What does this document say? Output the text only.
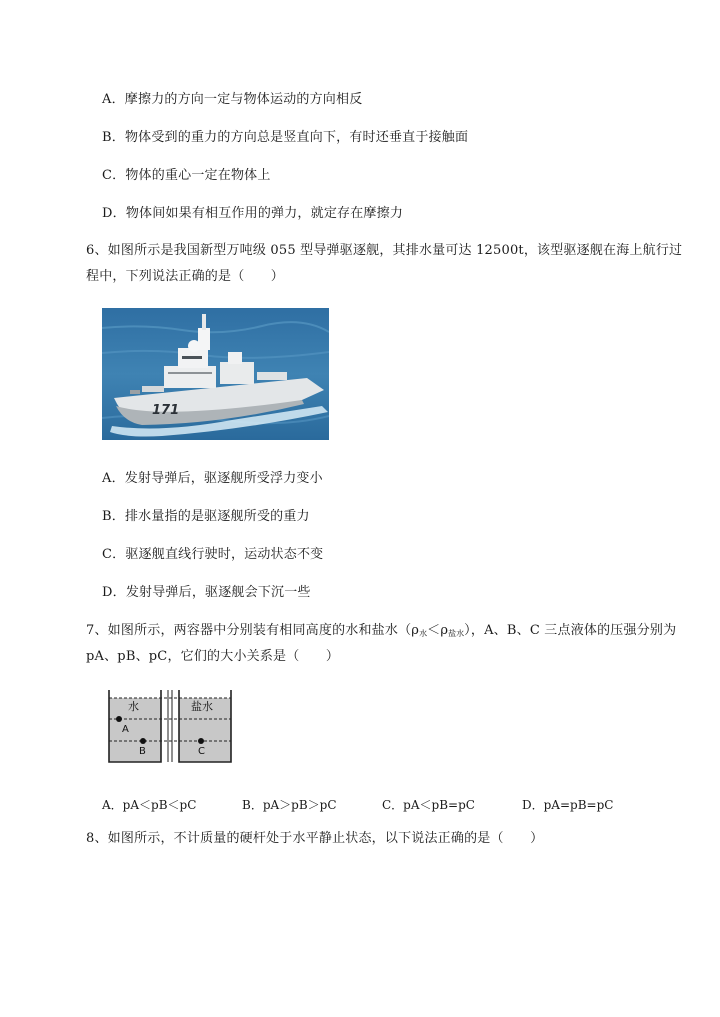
A．摩擦力的方向一定与物体运动的方向相反
B．物体受到的重力的方向总是竖直向下，有时还垂直于接触面
C．物体的重心一定在物体上
D．物体间如果有相互作用的弹力，就定存在摩擦力
6、如图所示是我国新型万吨级 055 型导弹驱逐舰，其排水量可达 12500t，该型驱逐舰在海上航行过
程中，下列说法正确的是（　　）
171
A．发射导弹后，驱逐舰所受浮力变小
B．排水量指的是驱逐舰所受的重力
C．驱逐舰直线行驶时，运动状态不变
D．发射导弹后，驱逐舰会下沉一些
7、如图所示，两容器中分别装有相同高度的水和盐水$(\rho_水<\rho_{盐水})$，A、B、C 三点液体的压强分别为
pA、pB、pC，它们的大小关系是（　　）
水	盐水
A
B	C
A．pA＜pB＜pC	B．pA＞pB＞pC	C．pA＜pB=pC	D．pA=pB=pC
8、如图所示，不计质量的硬杆处于水平静止状态，以下说法正确的是（　　）
